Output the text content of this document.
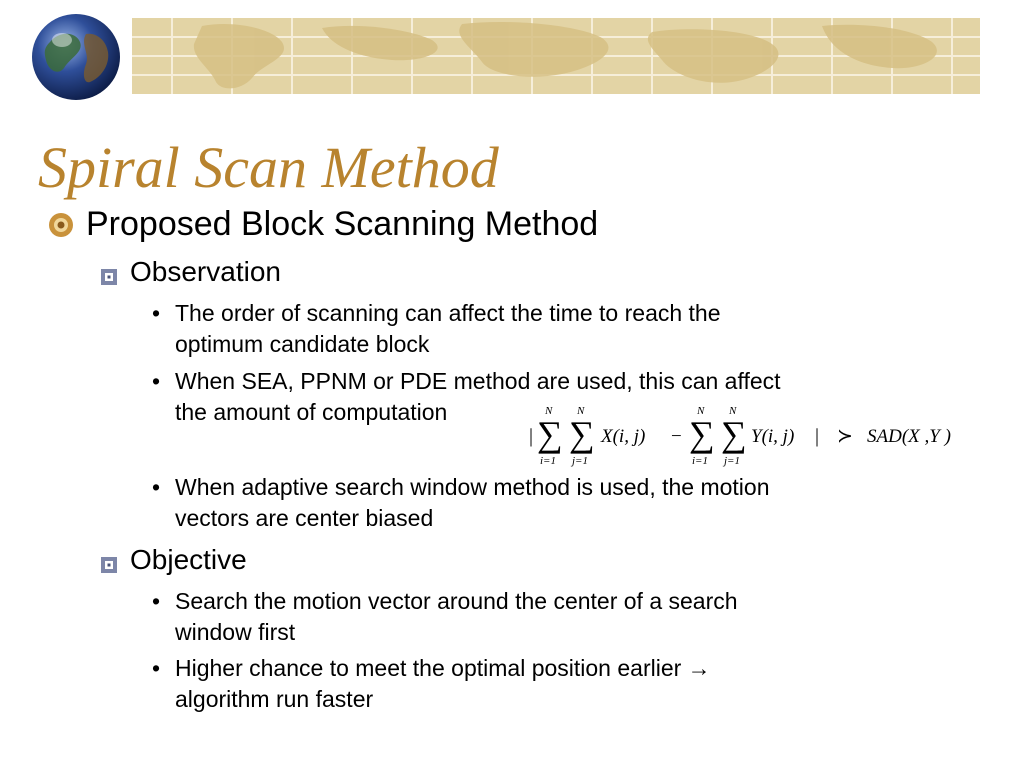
Spiral Scan Method
Proposed Block Scanning Method
Observation
• The order of scanning can affect the time to reach the
optimum candidate block
• When SEA, PPNM or PDE method are used, this can affect
the amount of computation
|
N
∑
i=1
N
∑
j=1
X(i, j) −
N
∑
i=1
N
∑
j=1
Y(i, j) | ≻ SAD(X ,Y )
• When adaptive search window method is used, the motion
vectors are center biased
Objective
• Search the motion vector around the center of a search
window first
• Higher chance to meet the optimal position earlier →
algorithm run faster
